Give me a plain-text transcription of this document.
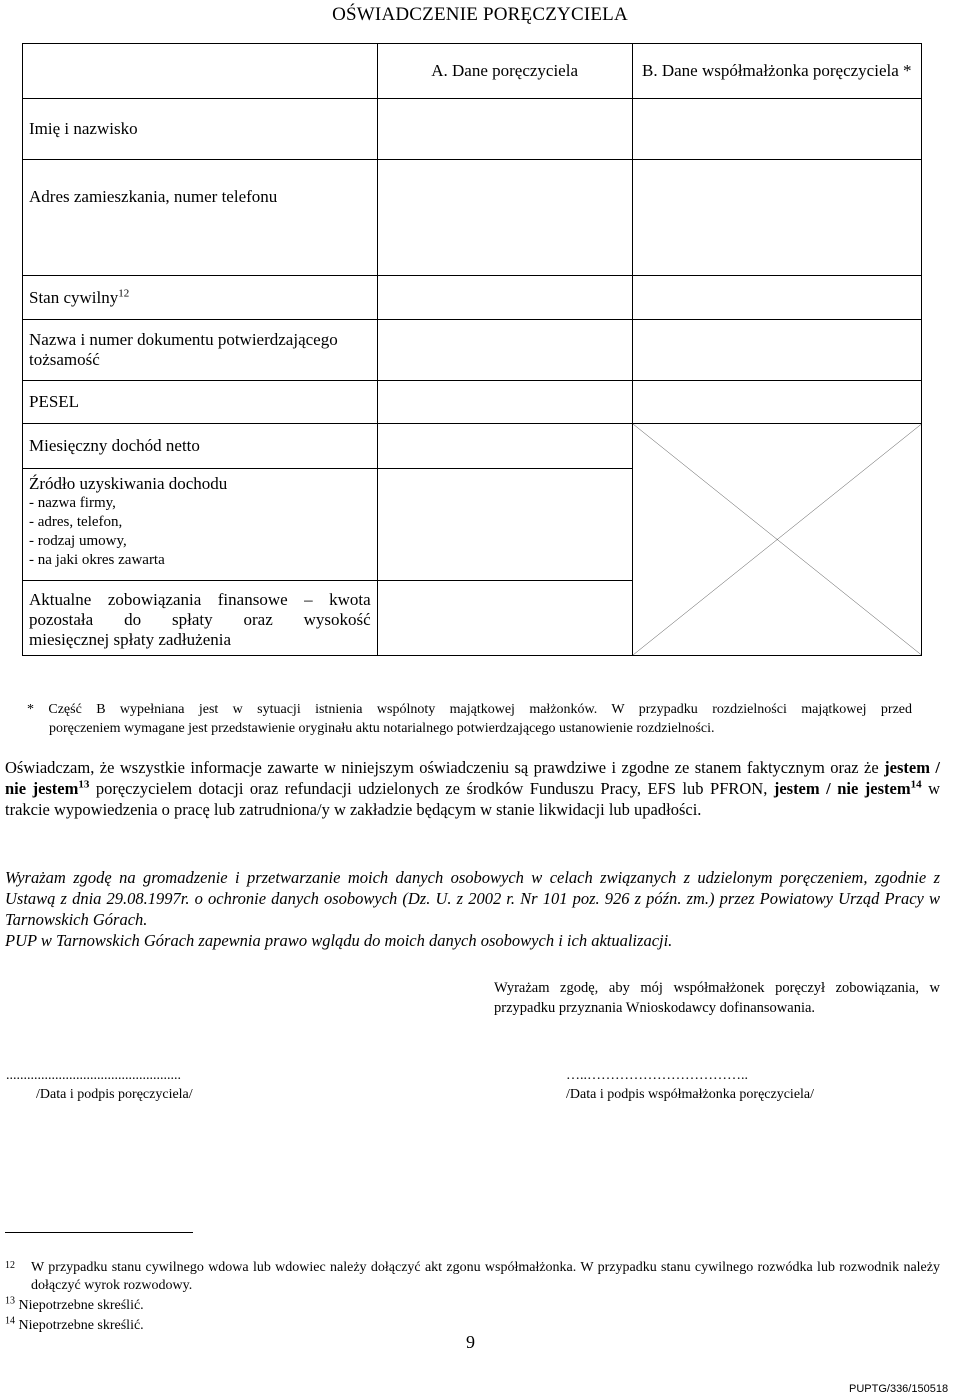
OŚWIADCZENIE PORĘCZYCIELA
	A. Dane poręczyciela	B. Dane współmałżonka poręczyciela *
Imię i nazwisko		
Adres zamieszkania, numer telefonu		
Stan cywilny$^{12}$		
Nazwa i numer dokumentu potwierdzającego tożsamość		
PESEL		
Miesięczny dochód netto		

Źródło uzyskiwania dochodu
- nazwa firmy,
- adres, telefon,
- rodzaj umowy,
- na jaki okres zawarta		

Aktualne zobowiązania finansowe – kwota
pozostała do spłaty oraz wysokość
miesięcznej spłaty zadłużenia		

* Część B wypełniana jest w sytuacji istnienia wspólnoty majątkowej małżonków. W przypadku rozdzielności majątkowej przed
poręczeniem wymagane jest przedstawienie oryginału aktu notarialnego potwierdzającego ustanowienie rozdzielności.
Oświadczam, że wszystkie informacje zawarte w niniejszym oświadczeniu są prawdziwe i zgodne ze stanem faktycznym oraz że jestem / nie jestem$^{13}$ poręczycielem dotacji oraz refundacji udzielonych ze środków Funduszu Pracy, EFS lub PFRON, jestem / nie jestem$^{14}$ w trakcie wypowiedzenia o pracę lub zatrudniona/y w zakładzie będącym w stanie likwidacji lub upadłości.
Wyrażam zgodę na gromadzenie i przetwarzanie moich danych osobowych w celach związanych z udzielonym poręczeniem, zgodnie z Ustawą z dnia 29.08.1997r. o ochronie danych osobowych (Dz. U. z 2002 r. Nr 101 poz. 926 z późn. zm.) przez Powiatowy Urząd Pracy w Tarnowskich Górach.
PUP w Tarnowskich Górach zapewnia prawo wglądu do moich danych osobowych i ich aktualizacji.
Wyrażam zgodę, aby mój współmałżonek poręczył zobowiązania, w przypadku przyznania Wnioskodawcy dofinansowania.
..................................................
/Data i podpis poręczyciela/
…..……………………………..
/Data i podpis współmałżonka poręczyciela/
12	W przypadku stanu cywilnego wdowa lub wdowiec należy dołączyć akt zgonu współmałżonka. W przypadku stanu cywilnego rozwódka lub rozwodnik należy dołączyć wyrok rozwodowy.
$^{13}$ Niepotrzebne skreślić.
$^{14}$ Niepotrzebne skreślić.
9
PUPTG/336/150518
